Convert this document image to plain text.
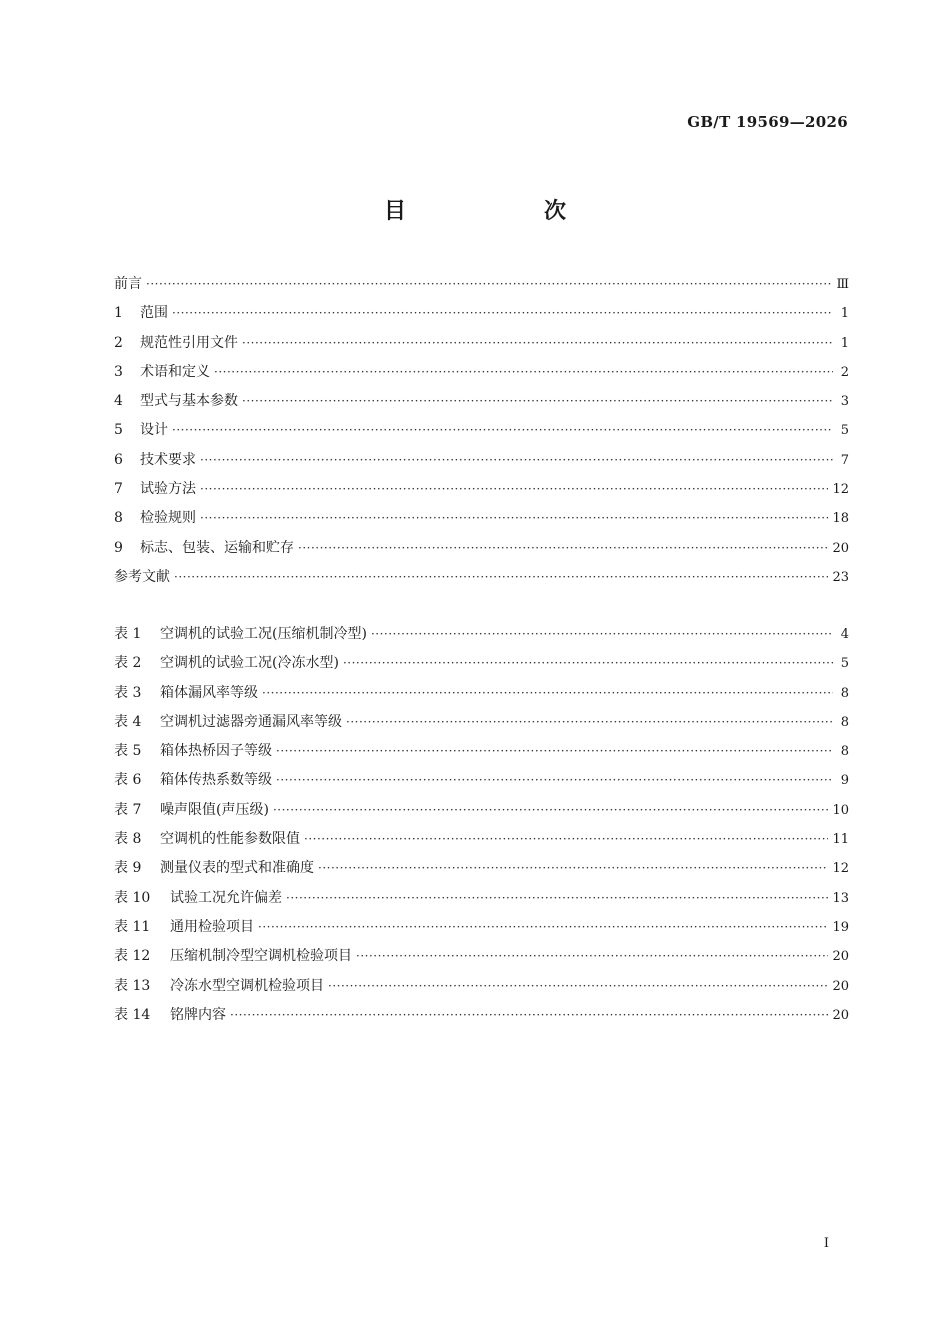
GB/T 19569—2026
目　次
前言 ·····	Ⅲ
1	范围 ·····	1
2	规范性引用文件 ·····	1
3	术语和定义 ·····	2
4	型式与基本参数 ·····	3
5	设计 ·····	5
6	技术要求 ·····	7
7	试验方法 ·····	12
8	检验规则 ·····	18
9	标志、包装、运输和贮存 ·····	20
参考文献 ·····	23
表 1	空调机的试验工况(压缩机制冷型) ·····	4
表 2	空调机的试验工况(冷冻水型) ·····	5
表 3	箱体漏风率等级 ·····	8
表 4	空调机过滤器旁通漏风率等级 ·····	8
表 5	箱体热桥因子等级 ·····	8
表 6	箱体传热系数等级 ·····	9
表 7	噪声限值(声压级) ·····	10
表 8	空调机的性能参数限值 ·····	11
表 9	测量仪表的型式和准确度 ·····	12
表 10	试验工况允许偏差 ·····	13
表 11	通用检验项目 ·····	19
表 12	压缩机制冷型空调机检验项目 ·····	20
表 13	冷冻水型空调机检验项目 ·····	20
表 14	铭牌内容 ·····	20
I
